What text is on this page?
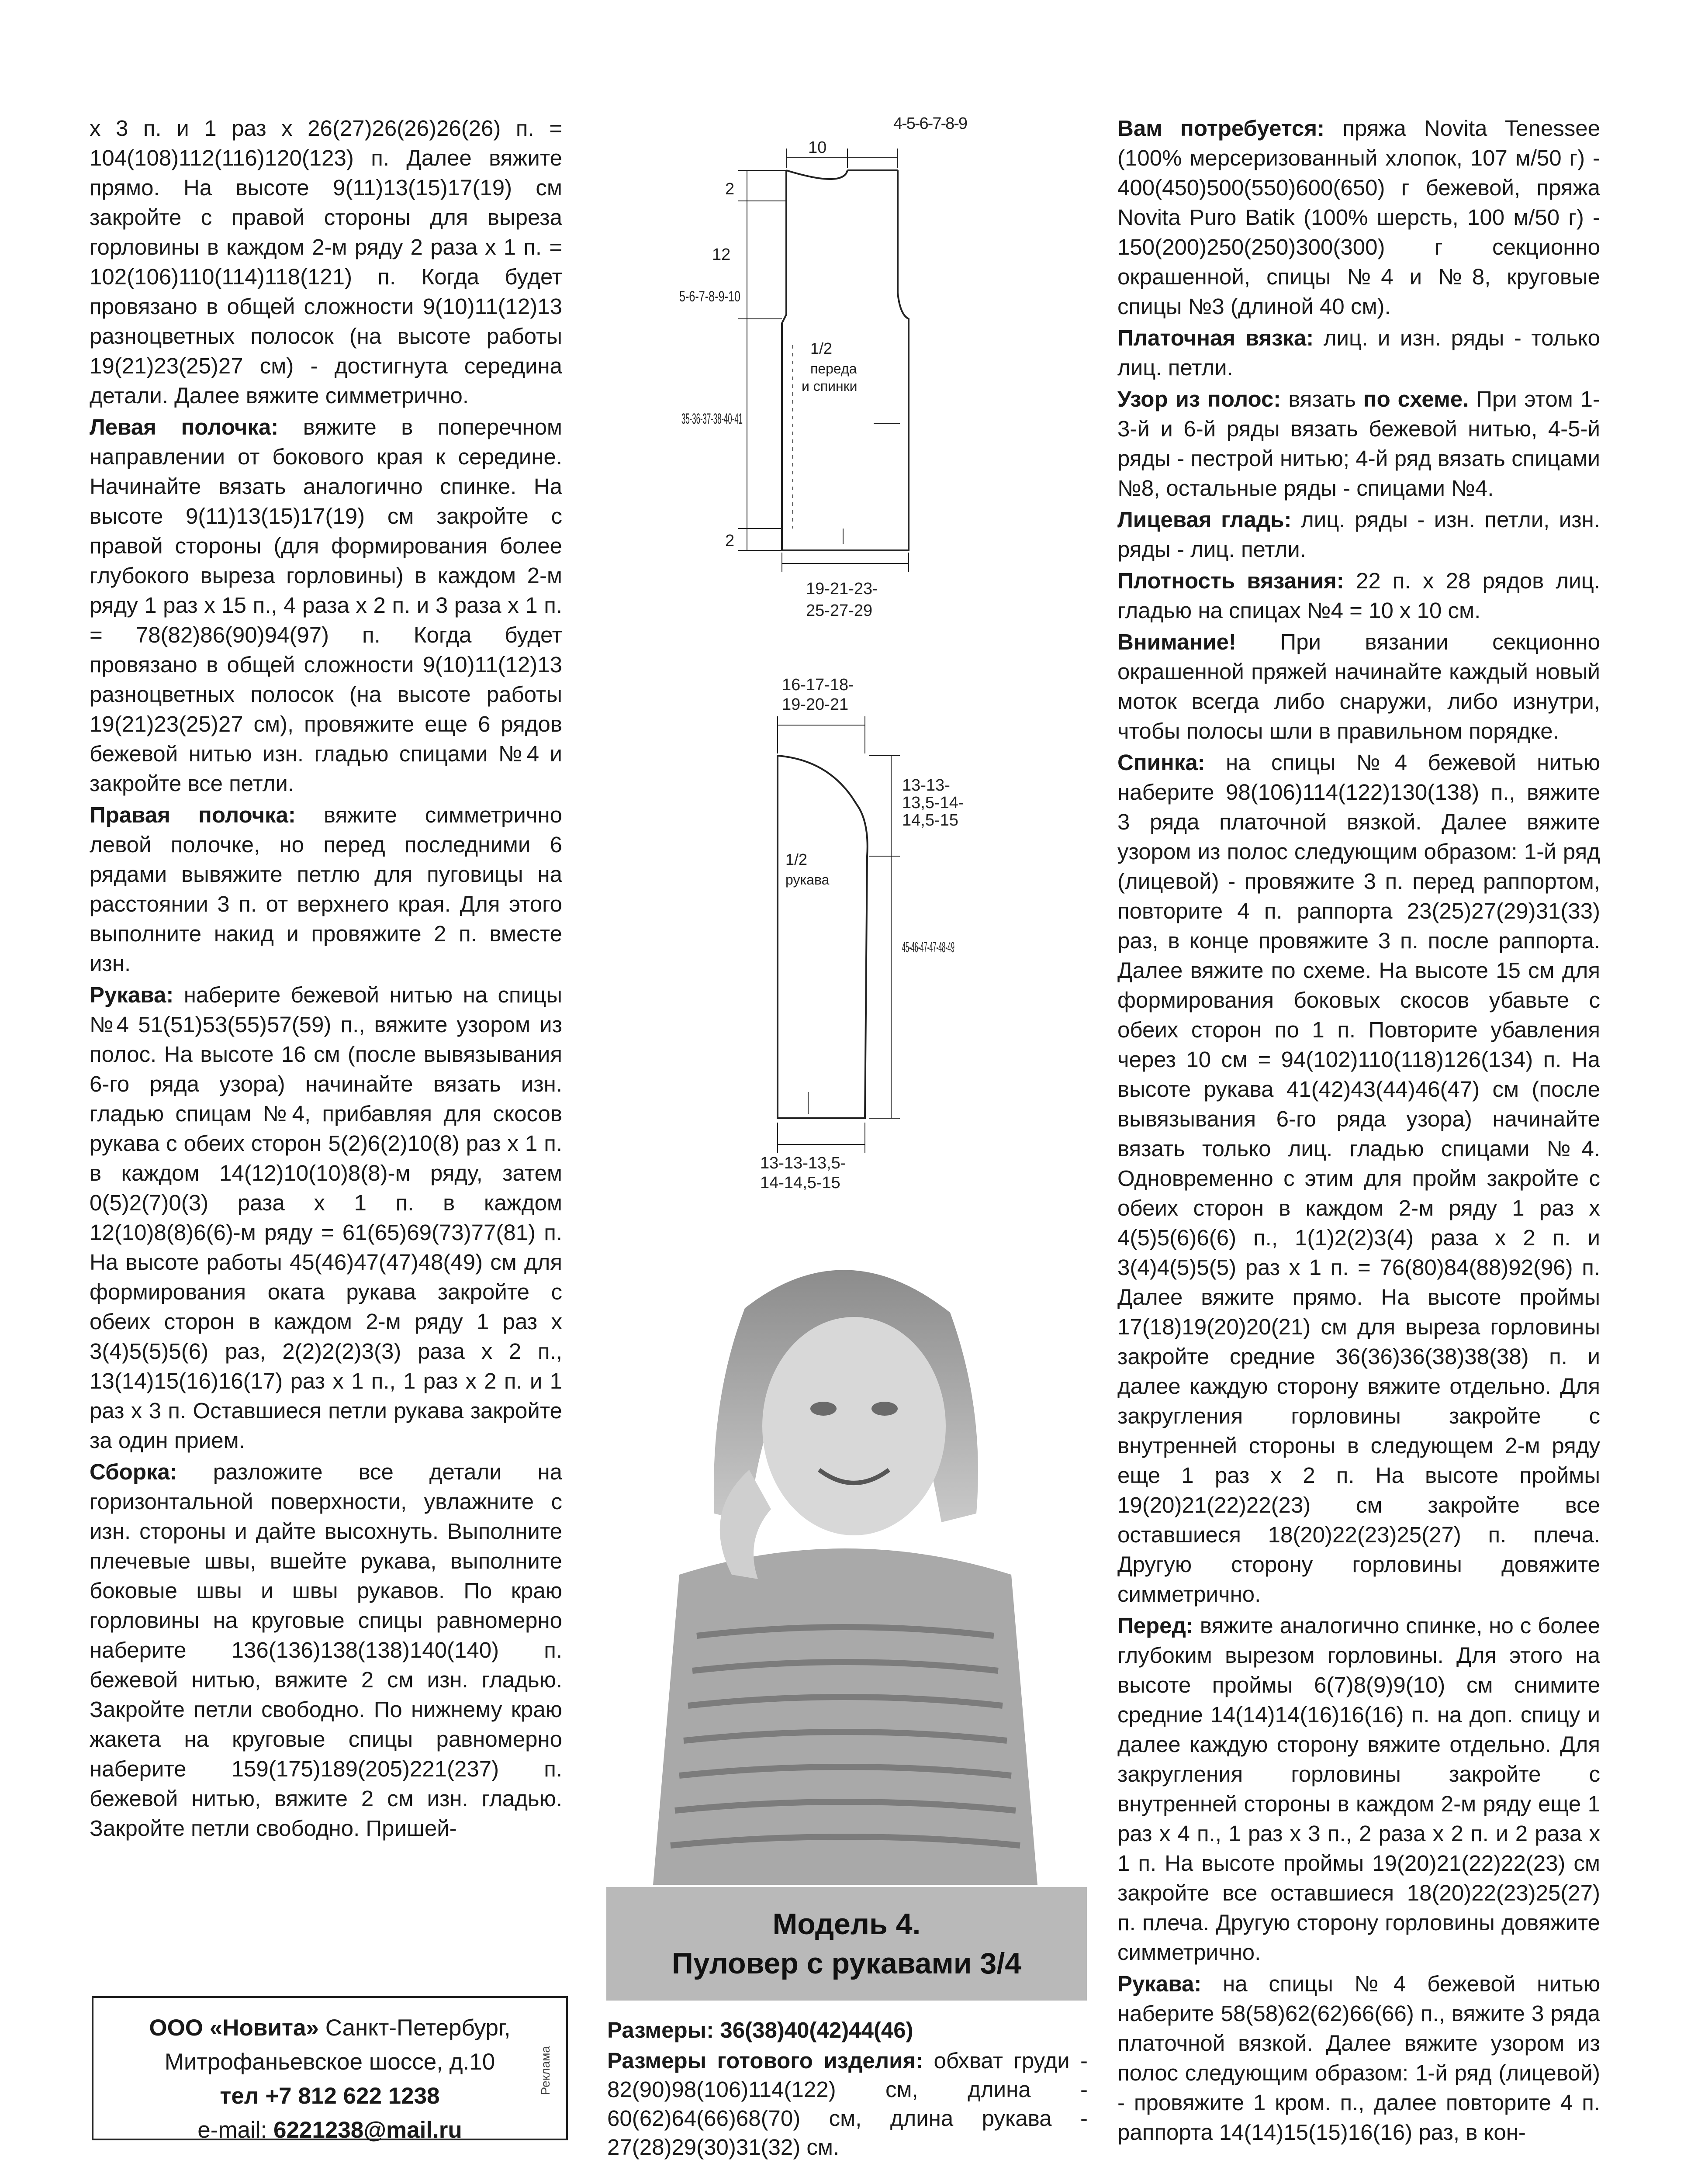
х 3 п. и 1 раз х 26(27)26(26)26(26) п. = 104(108)112(116)120(123) п. Далее вяжите прямо. На высоте 9(11)13(15)17(19) см закройте с правой стороны для выреза горловины в каждом 2-м ряду 2 раза х 1 п. = 102(106)110(114)118(121) п. Когда будет провязано в общей сложности 9(10)11(12)13 разноцветных полосок (на высоте работы 19(21)23(25)27 см) - достигнута середина детали. Далее вяжите симметрично.

Левая полочка: вяжите в поперечном направлении от бокового края к середине. Начинайте вязать аналогично спинке. На высоте 9(11)13(15)17(19) см закройте с правой стороны (для формирования более глубокого выреза горловины) в каждом 2-м ряду 1 раз х 15 п., 4 раза х 2 п. и 3 раза х 1 п. = 78(82)86(90)94(97) п. Когда будет провязано в общей сложности 9(10)11(12)13 разноцветных полосок (на высоте работы 19(21)23(25)27 см), провяжите еще 6 рядов бежевой нитью изн. гладью спицами №4 и закройте все петли.

Правая полочка: вяжите симметрично левой полочке, но перед последними 6 рядами вывяжите петлю для пуговицы на расстоянии 3 п. от верхнего края. Для этого выполните накид и провяжите 2 п. вместе изн.

Рукава: наберите бежевой нитью на спицы №4 51(51)53(55)57(59) п., вяжите узором из полос. На высоте 16 см (после вывязывания 6-го ряда узора) начинайте вязать изн. гладью спицам №4, прибавляя для скосов рукава с обеих сторон 5(2)6(2)10(8) раз х 1 п. в каждом 14(12)10(10)8(8)-м ряду, затем 0(5)2(7)0(3) раза х 1 п. в каждом 12(10)8(8)6(6)-м ряду = 61(65)69(73)77(81) п. На высоте работы 45(46)47(47)48(49) см для формирования оката рукава закройте с обеих сторон в каждом 2-м ряду 1 раз х 3(4)5(5)5(6) раз, 2(2)2(2)3(3) раза х 2 п., 13(14)15(16)16(17) раз х 1 п., 1 раз х 2 п. и 1 раз х 3 п. Оставшиеся петли рукава закройте за один прием.

Сборка: разложите все детали на горизонтальной поверхности, увлажните с изн. стороны и дайте высохнуть. Выполните плечевые швы, вшейте рукава, выполните боковые швы и швы рукавов. По краю горловины на круговые спицы равномерно наберите 136(136)138(138)140(140) п. бежевой нитью, вяжите 2 см изн. гладью. Закройте петли свободно. По нижнему краю жакета на круговые спицы равномерно наберите 159(175)189(205)221(237) п. бежевой нитью, вяжите 2 см изн. гладью. Закройте петли свободно. Пришей-

ООО «Новита» Санкт-Петербург,
Митрофаньевское шоссе, д.10
тел +7 812 622 1238
e-mail: 6221238@mail.ru
Реклама
10
4-5-6-7-8-9
2
12
5-6-7-8-9-10
35-36-37-38-40-41
2
1/2
переда
и спинки
19-21-23-
25-27-29
16-17-18-
19-20-21
13-13-
13,5-14-
14,5-15
1/2
рукава
45-46-47-47-48-49
13-13-13,5-
14-14,5-15
Модель 4.
Пуловер с рукавами 3/4

Размеры: 36(38)40(42)44(46)

Размеры готового изделия: обхват груди - 82(90)98(106)114(122) см, длина - 60(62)64(66)68(70) см, длина рукава - 27(28)29(30)31(32) см.

Вам потребуется: пряжа Novita Tenessee (100% мерсеризованный хлопок, 107 м/50 г) - 400(450)500(550)600(650) г бежевой, пряжа Novita Puro Batik (100% шерсть, 100 м/50 г) - 150(200)250(250)300(300) г секционно окрашенной, спицы №4 и №8, круговые спицы №3 (длиной 40 см).

Платочная вязка: лиц. и изн. ряды - только лиц. петли.

Узор из полос: вязать по схеме. При этом 1-3-й и 6-й ряды вязать бежевой нитью, 4-5-й ряды - пестрой нитью; 4-й ряд вязать спицами №8, остальные ряды - спицами №4.

Лицевая гладь: лиц. ряды - изн. петли, изн. ряды - лиц. петли.

Плотность вязания: 22 п. х 28 рядов лиц. гладью на спицах №4 = 10 х 10 см.

Внимание! При вязании секционно окрашенной пряжей начинайте каждый новый моток всегда либо снаружи, либо изнутри, чтобы полосы шли в правильном порядке.

Спинка: на спицы №4 бежевой нитью наберите 98(106)114(122)130(138) п., вяжите 3 ряда платочной вязкой. Далее вяжите узором из полос следующим образом: 1-й ряд (лицевой) - провяжите 3 п. перед раппортом, повторите 4 п. раппорта 23(25)27(29)31(33) раз, в конце провяжите 3 п. после раппорта. Далее вяжите по схеме. На высоте 15 см для формирования боковых скосов убавьте с обеих сторон по 1 п. Повторите убавления через 10 см = 94(102)110(118)126(134) п. На высоте рукава 41(42)43(44)46(47) см (после вывязывания 6-го ряда узора) начинайте вязать только лиц. гладью спицами №4. Одновременно с этим для пройм закройте с обеих сторон в каждом 2-м ряду 1 раз х 4(5)5(6)6(6) п., 1(1)2(2)3(4) раза х 2 п. и 3(4)4(5)5(5) раз х 1 п. = 76(80)84(88)92(96) п. Далее вяжите прямо. На высоте проймы 17(18)19(20)20(21) см для выреза горловины закройте средние 36(36)36(38)38(38) п. и далее каждую сторону вяжите отдельно. Для закругления горловины закройте с внутренней стороны в следующем 2-м ряду еще 1 раз х 2 п. На высоте проймы 19(20)21(22)22(23) см закройте все оставшиеся 18(20)22(23)25(27) п. плеча. Другую сторону горловины довяжите симметрично.

Перед: вяжите аналогично спинке, но с более глубоким вырезом горловины. Для этого на высоте проймы 6(7)8(9)9(10) см снимите средние 14(14)14(16)16(16) п. на доп. спицу и далее каждую сторону вяжите отдельно. Для закругления горловины закройте с внутренней стороны в каждом 2-м ряду еще 1 раз х 4 п., 1 раз х 3 п., 2 раза х 2 п. и 2 раза х 1 п. На высоте проймы 19(20)21(22)22(23) см закройте все оставшиеся 18(20)22(23)25(27) п. плеча. Другую сторону горловины довяжите симметрично.

Рукава: на спицы №4 бежевой нитью наберите 58(58)62(62)66(66) п., вяжите 3 ряда платочной вязкой. Далее вяжите узором из полос следующим образом: 1-й ряд (лицевой) - провяжите 1 кром. п., далее повторите 4 п. раппорта 14(14)15(15)16(16) раз, в кон-
